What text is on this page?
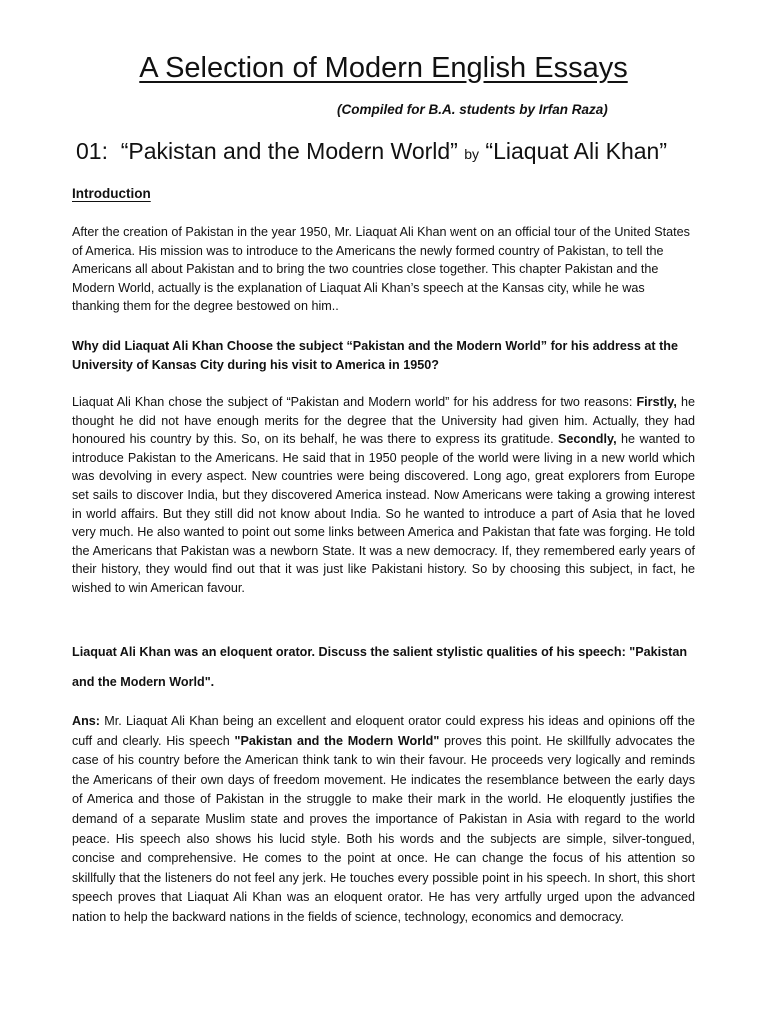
A Selection of Modern English Essays
(Compiled for B.A. students by Irfan Raza)
01: “Pakistan and the Modern World” by “Liaquat Ali Khan”
Introduction

After the creation of Pakistan in the year 1950, Mr. Liaquat Ali Khan went on an official tour of the United States of America. His mission was to introduce to the Americans the newly formed country of Pakistan, to tell the Americans all about Pakistan and to bring the two countries close together. This chapter Pakistan and the Modern World, actually is the explanation of Liaquat Ali Khan’s speech at the Kansas city, while he was thanking them for the degree bestowed on him..

Why did Liaquat Ali Khan Choose the subject “Pakistan and the Modern World” for his address at the University of Kansas City during his visit to America in 1950?

Liaquat Ali Khan chose the subject of “Pakistan and Modern world” for his address for two reasons: Firstly, he thought he did not have enough merits for the degree that the University had given him. Actually, they had honoured his country by this. So, on its behalf, he was there to express its gratitude. Secondly, he wanted to introduce Pakistan to the Americans. He said that in 1950 people of the world were living in a new world which was devolving in every aspect. New countries were being discovered. Long ago, great explorers from Europe set sails to discover India, but they discovered America instead. Now Americans were taking a growing interest in world affairs. But they still did not know about India. So he wanted to introduce a part of Asia that he loved very much. He also wanted to point out some links between America and Pakistan that fate was forging. He told the Americans that Pakistan was a newborn State. It was a new democracy. If, they remembered early years of their history, they would find out that it was just like Pakistani history. So by choosing this subject, in fact, he wished to win American favour.

Liaquat Ali Khan was an eloquent orator. Discuss the salient stylistic qualities of his speech: "Pakistan and the Modern World".

Ans: Mr. Liaquat Ali Khan being an excellent and eloquent orator could express his ideas and opinions off the cuff and clearly. His speech "Pakistan and the Modern World" proves this point. He skillfully advocates the case of his country before the American think tank to win their favour. He proceeds very logically and reminds the Americans of their own days of freedom movement. He indicates the resemblance between the early days of America and those of Pakistan in the struggle to make their mark in the world. He eloquently justifies the demand of a separate Muslim state and proves the importance of Pakistan in Asia with regard to the world peace. His speech also shows his lucid style. Both his words and the subjects are simple, silver-tongued, concise and comprehensive. He comes to the point at once. He can change the focus of his attention so skillfully that the listeners do not feel any jerk. He touches every possible point in his speech. In short, this short speech proves that Liaquat Ali Khan was an eloquent orator. He has very artfully urged upon the advanced nation to help the backward nations in the fields of science, technology, economics and democracy.
